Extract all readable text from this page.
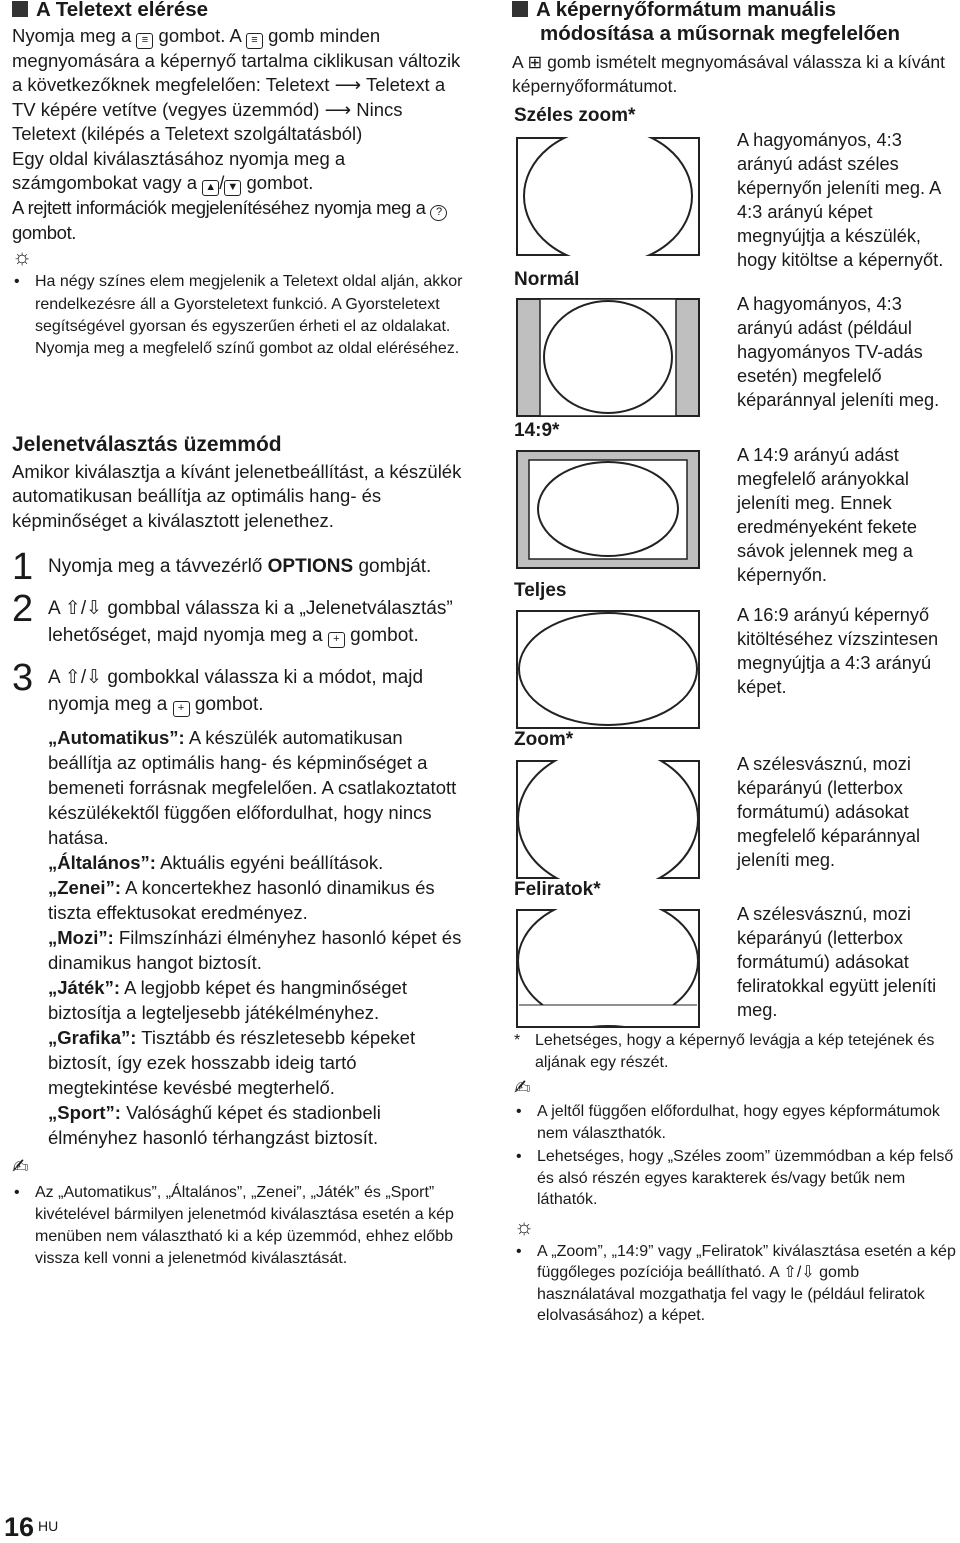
A Teletext elérése

Nyomja meg a ≡ gombot. A ≡ gomb minden megnyomására a képernyő tartalma ciklikusan változik a következőknek megfelelően: Teletext ⟶ Teletext a TV képére vetítve (vegyes üzemmód) ⟶ Nincs Teletext (kilépés a Teletext szolgáltatásból)

Egy oldal kiválasztásához nyomja meg a számgombokat vagy a ▲ / ▼ gombot.

A rejtett információk megjelenítéséhez nyomja meg a ? gombot.

☼

• Ha négy színes elem megjelenik a Teletext oldal alján, akkor rendelkezésre áll a Gyorsteletext funkció. A Gyorsteletext segítségével gyorsan és egyszerűen érheti el az oldalakat. Nyomja meg a megfelelő színű gombot az oldal eléréséhez.

Jelenetválasztás üzemmód

Amikor kiválasztja a kívánt jelenetbeállítást, a készülék automatikusan beállítja az optimális hang- és képminőséget a kiválasztott jelenethez.

1 Nyomja meg a távvezérlő OPTIONS gombját.
2 A ⇧/⇩ gombbal válassza ki a „Jelenetválasztás” lehetőséget, majd nyomja meg a + gombot.
3 A ⇧/⇩ gombokkal válassza ki a módot, majd nyomja meg a + gombot.
„Automatikus”: A készülék automatikusan beállítja az optimális hang- és képminőséget a bemeneti forrásnak megfelelően. A csatlakoztatott készülékektől függően előfordulhat, hogy nincs hatása.
„Általános”: Aktuális egyéni beállítások.
„Zenei”: A koncertekhez hasonló dinamikus és tiszta effektusokat eredményez.
„Mozi”: Filmszínházi élményhez hasonló képet és dinamikus hangot biztosít.
„Játék”: A legjobb képet és hangminőséget biztosítja a legteljesebb játékélményhez.
„Grafika”: Tisztább és részletesebb képeket biztosít, így ezek hosszabb ideig tartó megtekintése kevésbé megterhelő.
„Sport”: Valósághű képet és stadionbeli élményhez hasonló térhangzást biztosít.
✍

• Az „Automatikus”, „Általános”, „Zenei”, „Játék” és „Sport” kivételével bármilyen jelenetmód kiválasztása esetén a kép menüben nem választható ki a kép üzemmód, ehhez előbb vissza kell vonni a jelenetmód kiválasztását.

A képernyőformátum manuális

módosítása a műsornak megfelelően

A ⊞ gomb ismételt megnyomásával válassza ki a kívánt képernyőformátumot.

Széles zoom*
Normál
14:9*
Teljes
Zoom*
Feliratok*
A hagyományos, 4:3 arányú adást széles képernyőn jeleníti meg. A 4:3 arányú képet megnyújtja a készülék, hogy kitöltse a képernyőt.
A hagyományos, 4:3 arányú adást (például hagyományos TV-adás esetén) megfelelő képaránnyal jeleníti meg.
A 14:9 arányú adást megfelelő arányokkal jeleníti meg. Ennek eredményeként fekete sávok jelennek meg a képernyőn.
A 16:9 arányú képernyő kitöltéséhez vízszintesen megnyújtja a 4:3 arányú képet.
A szélesvásznú, mozi képarányú (letterbox formátumú) adásokat megfelelő képaránnyal jeleníti meg.
A szélesvásznú, mozi képarányú (letterbox formátumú) adásokat feliratokkal együtt jeleníti meg.
* Lehetséges, hogy a képernyő levágja a kép tetejének és aljának egy részét.
✍
• A jeltől függően előfordulhat, hogy egyes képformátumok nem választhatók.
• Lehetséges, hogy „Széles zoom” üzemmódban a kép felső és alsó részén egyes karakterek és/vagy betűk nem láthatók.
☼
• A „Zoom”, „14:9” vagy „Feliratok” kiválasztása esetén a kép függőleges pozíciója beállítható. A ⇧/⇩ gomb használatával mozgathatja fel vagy le (például feliratok elolvasásához) a képet.
16 $^{HU}$
